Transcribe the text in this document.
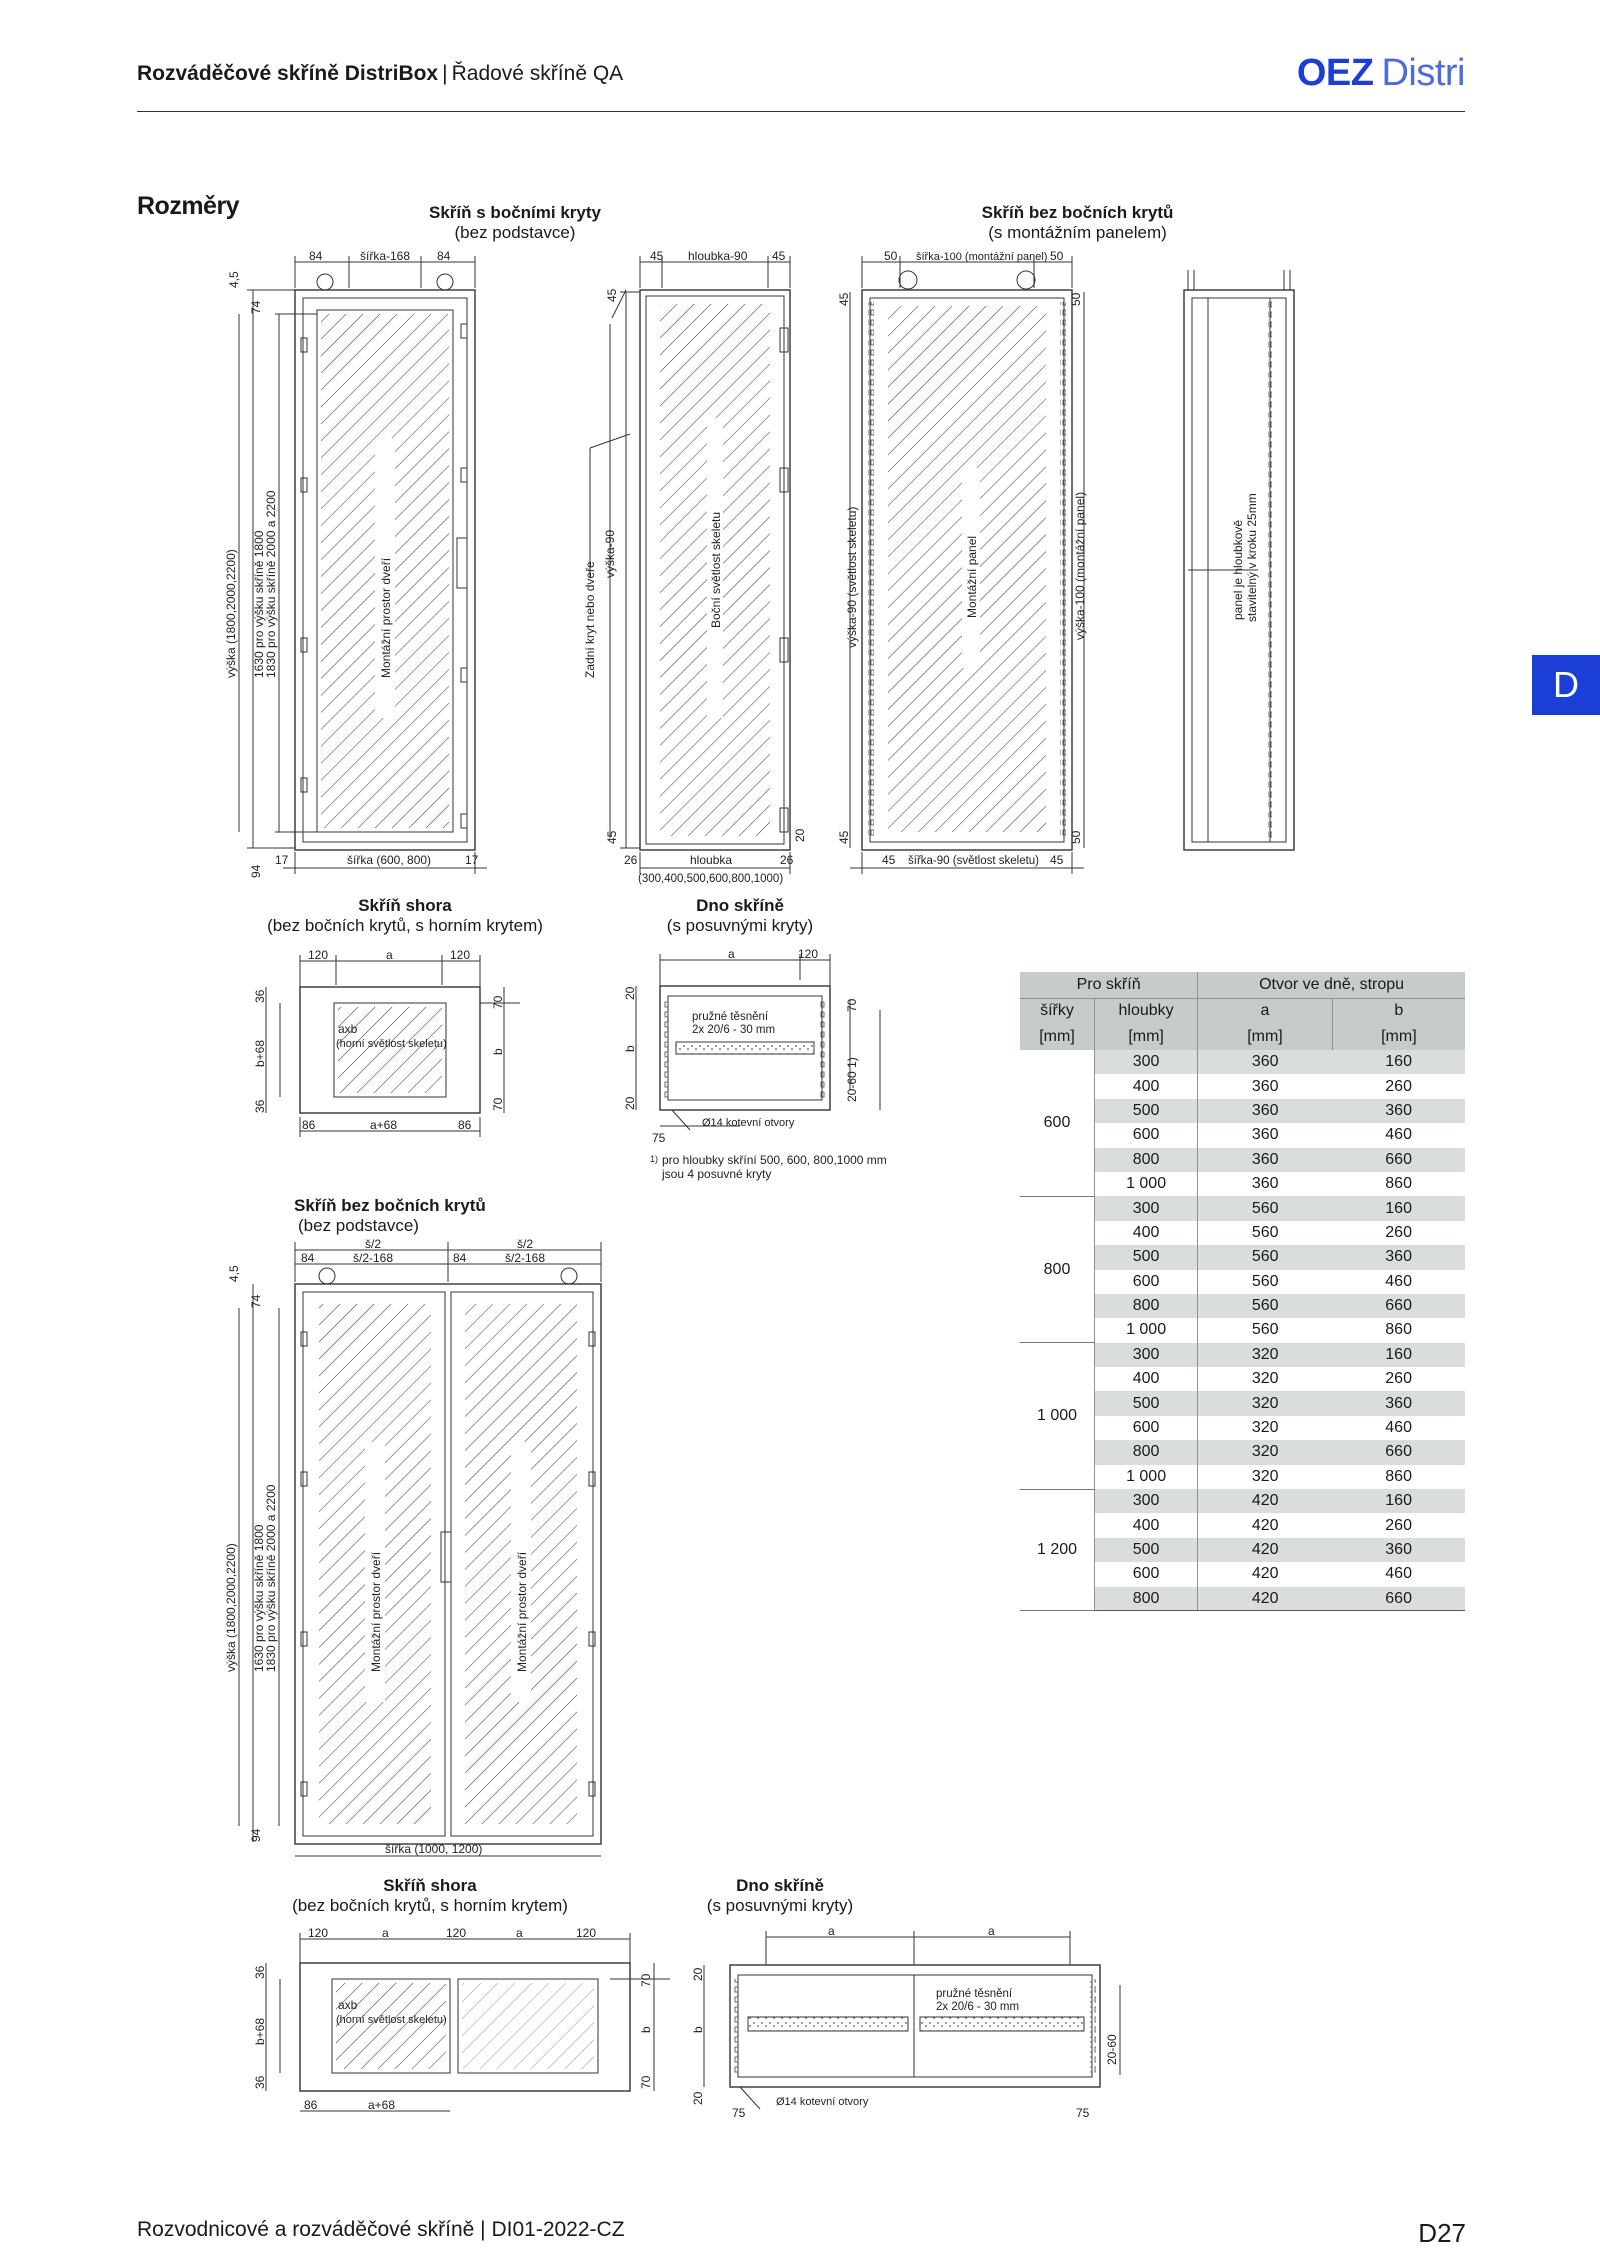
Rozváděčové skříně DistriBox | Řadové skříně QA	OEZ Distri
Rozměry
D
Skříň s bočními kryty
(bez podstavce)
Skříň bez bočních krytů
(s montážním panelem)
Skříň shora
(bez bočních krytů, s horním krytem)
Dno skříně
(s posuvnými kryty)
Skříň bez bočních krytů
(bez podstavce)
Skříň shora
(bez bočních krytů, s horním krytem)
Dno skříně
(s posuvnými kryty)
84	šířka-168 84
4,5
74
94
výška (1800,2000,2200) 1630 pro výšku skříně 1800
1830 pro výšku skříně 2000 a 2200	Montážní prostor dveří
17	šířka (600, 800)	17
45 hloubka-90 45
45
45	20
Zadní kryt nebo dveře
výška-90	Boční světlost skeletu
26	hloubka	26
(300,400,500,600,800,1000)
50 šířka-100 (montážní panel) 50
45	50
45	50
výška-90 (světlost skeletu)	Montážní panel	výška-100 (montážní panel)
45 šířka-90 (světlost skeletu) 45
panel je hloubkově stavitelný v kroku 25mm
120	a	120
36
b+68
36
70
b
70
axb
(horní světlost skeletu)
86	a+68	86
a	120
20
b
20
70
20-60 1)
pružné těsnění
2x 20/6 - 30 mm
75
Ø14 kotevní otvory
1) pro hloubky skříní 500, 600, 800,1000 mm
jsou 4 posuvné kryty
š/2	š/2
84	š/2-168	84	š/2-168
4,5
74
94
výška (1800,2000,2200) 1630 pro výšku skříně 1800
1830 pro výšku skříně 2000 a 2200	Montážní prostor dveří	Montážní prostor dveří
šířka (1000, 1200)
120	a	120	a	120
36
b+68
36
70
b
70
axb
(horní světlost skeletu)
86	a+68
a	a
20
b
20
20-60
pružné těsnění
2x 20/6 - 30 mm
75
Ø14 kotevní otvory
75
Pro skříň		Otvor ve dně, stropu	
šířky	hloubky	a	b
[mm]	[mm]	[mm]	[mm]
600	300	360	160
	400	360	260
	500	360	360
	600	360	460
	800	360	660
	1 000	360	860
800	300	560	160
	400	560	260
	500	560	360
	600	560	460
	800	560	660
	1 000	560	860
1 000	300	320	160
	400	320	260
	500	320	360
	600	320	460
	800	320	660
	1 000	320	860
1 200	300	420	160
	400	420	260
	500	420	360
	600	420	460
	800	420	660
Rozvodnicové a rozváděčové skříně | DI01-2022-CZ	D27
